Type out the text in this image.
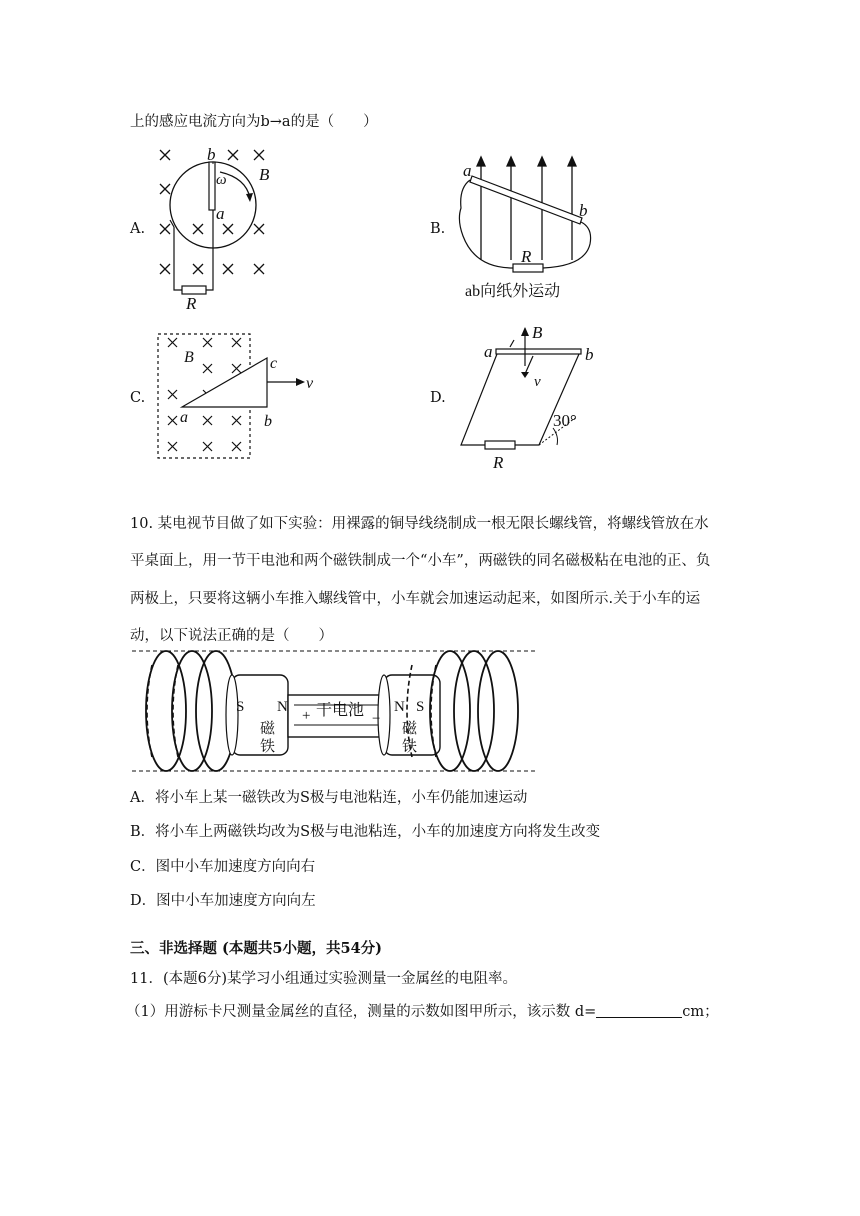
上的感应电流方向为b→a的是（　　）
A.
b
ω B
a
R
B.
a
b
R
ab向纸外运动
C.
B	c
a	b
v
D.
B
a	b
v
30°
R
10. 某电视节目做了如下实验：用裸露的铜导线绕制成一根无限长螺线管，将螺线管放在水
平桌面上，用一节干电池和两个磁铁制成一个“小车”，两磁铁的同名磁极粘在电池的正、负
两极上，只要将这辆小车推入螺线管中，小车就会加速运动起来，如图所示.关于小车的运
动，以下说法正确的是（　　）
S N
磁
铁
+ 干电池 −
N S
磁
铁
A．将小车上某一磁铁改为S极与电池粘连，小车仍能加速运动
B．将小车上两磁铁均改为S极与电池粘连，小车的加速度方向将发生改变
C．图中小车加速度方向向右
D．图中小车加速度方向向左
三、非选择题 (本题共5小题，共54分)
11．(本题6分)某学习小组通过实验测量一金属丝的电阻率。
（1）用游标卡尺测量金属丝的直径，测量的示数如图甲所示，该示数 d=	cm；
